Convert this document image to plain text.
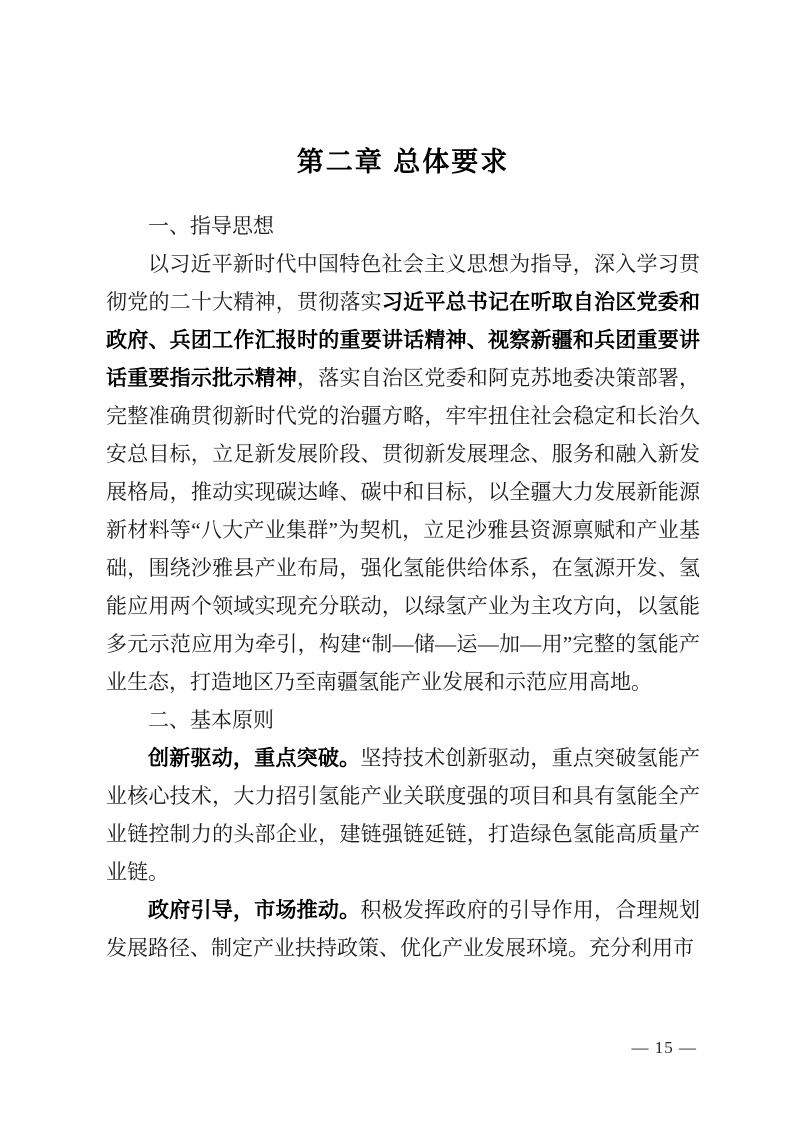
第二章 总体要求

一、指导思想

以习近平新时代中国特色社会主义思想为指导，深入学习贯彻党的二十大精神，贯彻落实习近平总书记在听取自治区党委和政府、兵团工作汇报时的重要讲话精神、视察新疆和兵团重要讲话重要指示批示精神，落实自治区党委和阿克苏地委决策部署，完整准确贯彻新时代党的治疆方略，牢牢扭住社会稳定和长治久安总目标，立足新发展阶段、贯彻新发展理念、服务和融入新发展格局，推动实现碳达峰、碳中和目标，以全疆大力发展新能源新材料等“八大产业集群”为契机，立足沙雅县资源禀赋和产业基础，围绕沙雅县产业布局，强化氢能供给体系，在氢源开发、氢能应用两个领域实现充分联动，以绿氢产业为主攻方向，以氢能多元示范应用为牵引，构建“制—储—运—加—用”完整的氢能产业生态，打造地区乃至南疆氢能产业发展和示范应用高地。

二、基本原则

创新驱动，重点突破。坚持技术创新驱动，重点突破氢能产业核心技术，大力招引氢能产业关联度强的项目和具有氢能全产业链控制力的头部企业，建链强链延链，打造绿色氢能高质量产业链。

政府引导，市场推动。积极发挥政府的引导作用，合理规划发展路径、制定产业扶持政策、优化产业发展环境。充分利用市

— 15 —
